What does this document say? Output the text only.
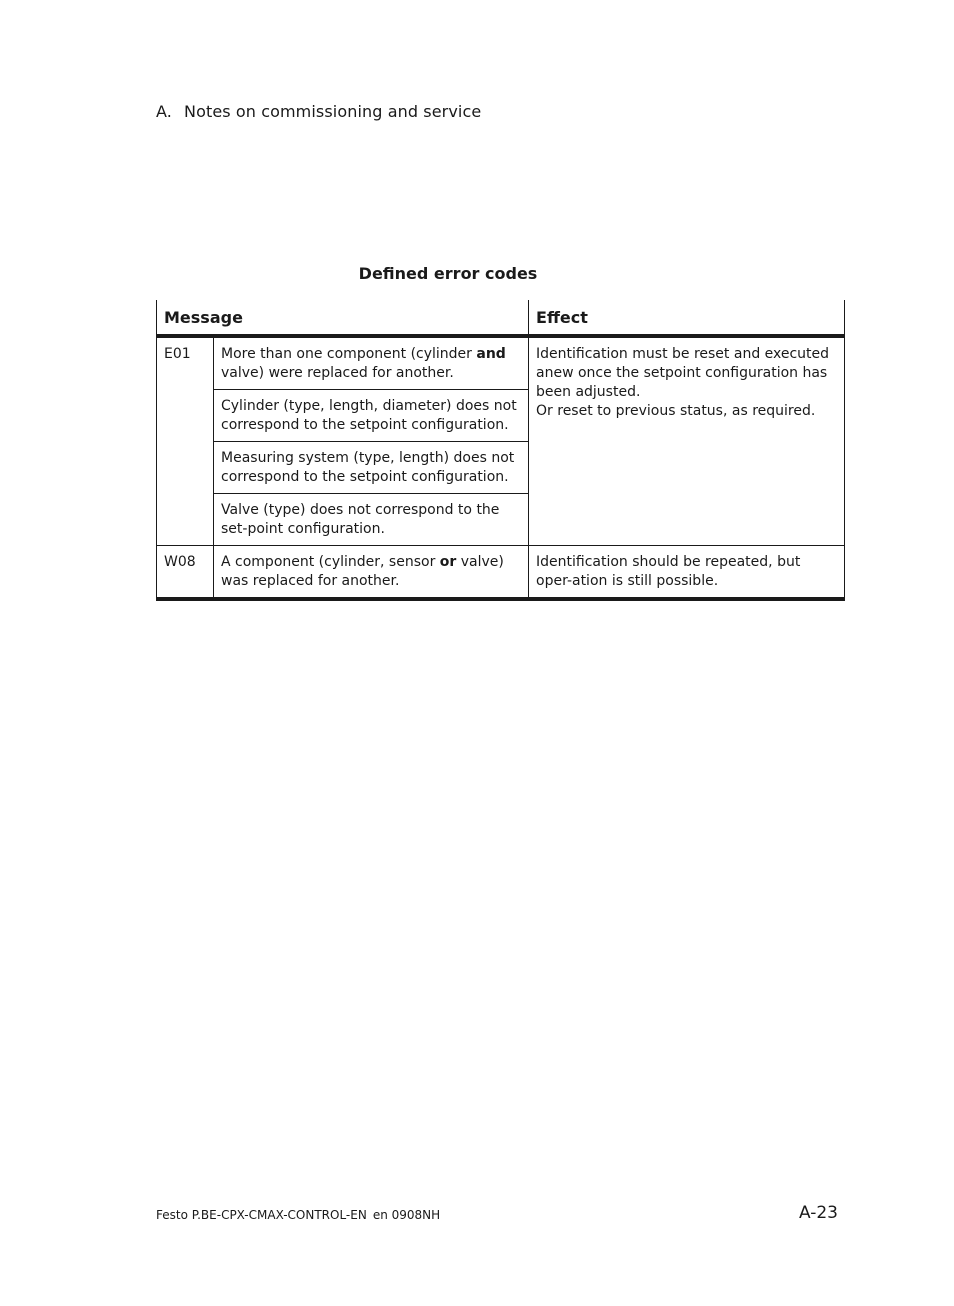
A. Notes on commissioning and service
Defined error codes
Message		Effect
E01	More than one component (cylinder and valve) were replaced for another.	Identification must be reset and executed anew once the setpoint configuration has been adjusted.
Or reset to previous status, as required.

	Cylinder (type, length, diameter) does not correspond to the setpoint configuration.	
	Measuring system (type, length) does not correspond to the setpoint configuration.	
	Valve (type) does not correspond to the set-point configuration.	
W08	A component (cylinder, sensor or valve) was replaced for another.	Identification should be repeated, but oper-ation is still possible.
Festo P.BE-CPX-CMAX-CONTROL-EN en 0908NH	A-23
